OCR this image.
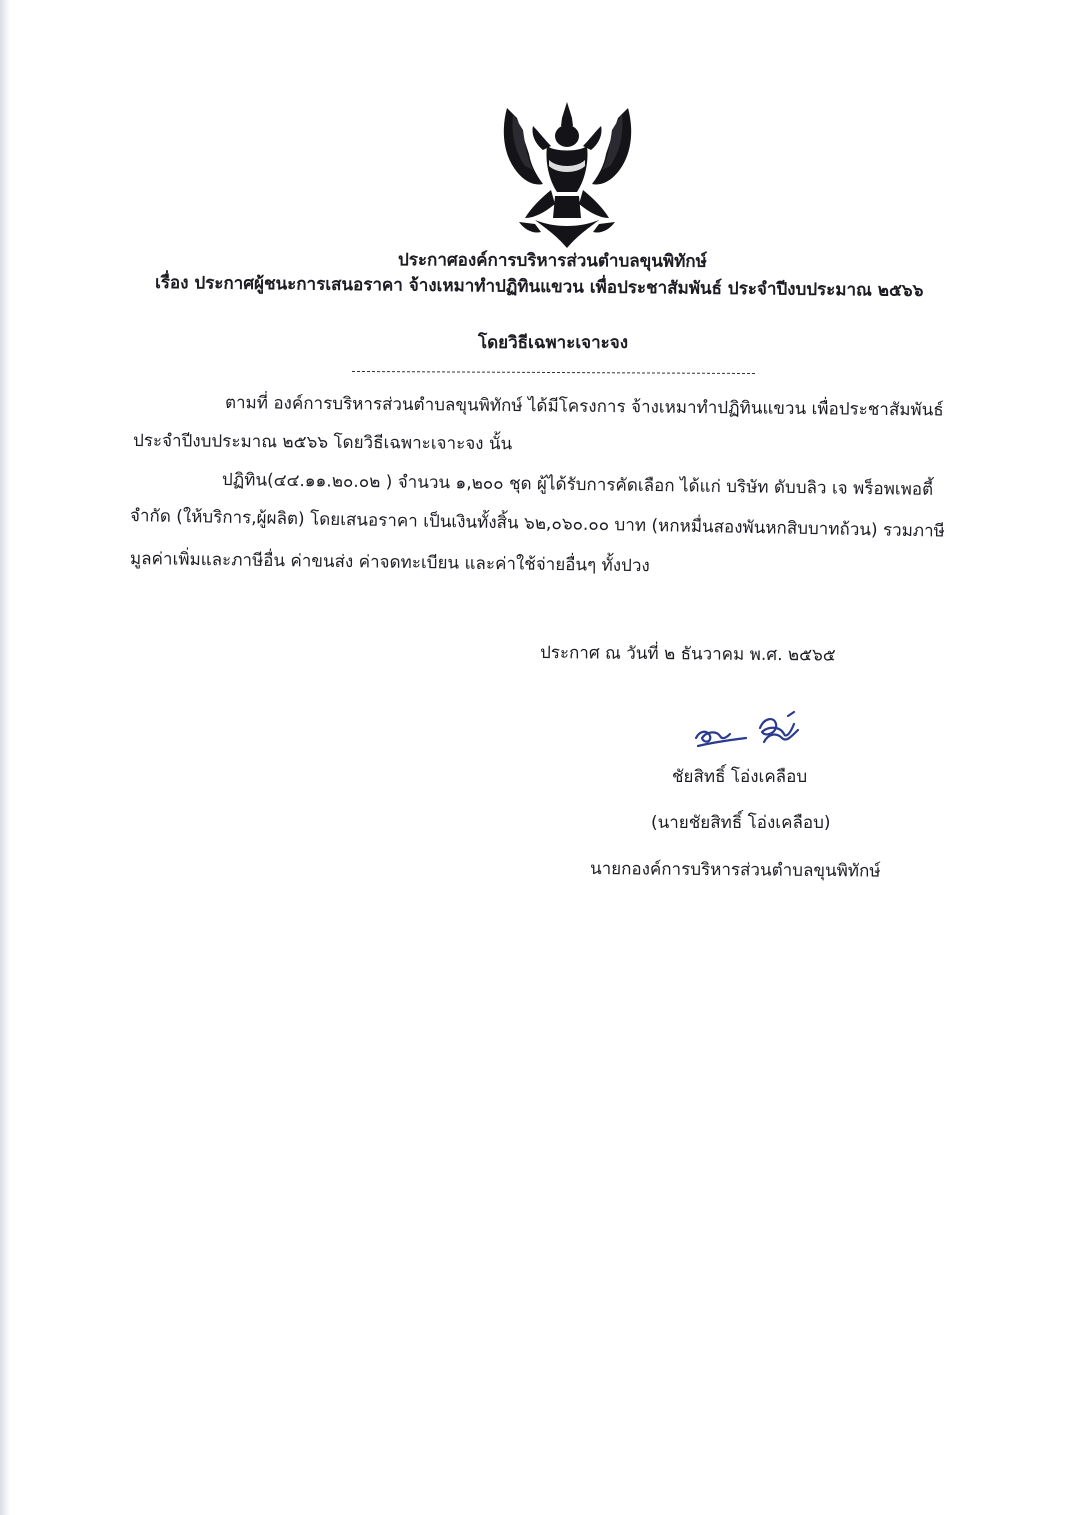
ประกาศองค์การบริหารส่วนตำบลขุนพิทักษ์
เรื่อง ประกาศผู้ชนะการเสนอราคา จ้างเหมาทำปฏิทินแขวน เพื่อประชาสัมพันธ์ ประจำปีงบประมาณ ๒๕๖๖
โดยวิธีเฉพาะเจาะจง
ตามที่ องค์การบริหารส่วนตำบลขุนพิทักษ์ ได้มีโครงการ จ้างเหมาทำปฏิทินแขวน เพื่อประชาสัมพันธ์
ประจำปีงบประมาณ ๒๕๖๖ โดยวิธีเฉพาะเจาะจง นั้น
ปฏิทิน(๔๔.๑๑.๒๐.๐๒ ) จำนวน ๑,๒๐๐ ชุด ผู้ได้รับการคัดเลือก ได้แก่ บริษัท ดับบลิว เจ พร็อพเพอตี้
จำกัด (ให้บริการ,ผู้ผลิต) โดยเสนอราคา เป็นเงินทั้งสิ้น ๖๒,๐๖๐.๐๐ บาท (หกหมื่นสองพันหกสิบบาทถ้วน) รวมภาษี
มูลค่าเพิ่มและภาษีอื่น ค่าขนส่ง ค่าจดทะเบียน และค่าใช้จ่ายอื่นๆ ทั้งปวง
ประกาศ ณ วันที่ ๒ ธันวาคม พ.ศ. ๒๕๖๕
ชัยสิทธิ์ โอ่งเคลือบ
(นายชัยสิทธิ์ โอ่งเคลือบ)
นายกองค์การบริหารส่วนตำบลขุนพิทักษ์
